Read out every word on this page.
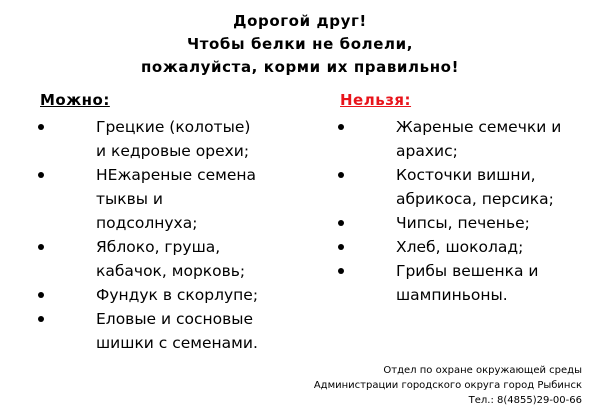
Дорогой друг!
Чтобы белки не болели,
пожалуйста, корми их правильно!
Можно:	Нельзя:
Грецкие (колотые)
и кедровые орехи;
НЕжареные семена
тыквы и
подсолнуха;
Яблоко, груша,
кабачок, морковь;
Фундук в скорлупе;
Еловые и сосновые
шишки с семенами.
Жареные семечки и
арахис;
Косточки вишни,
абрикоса, персика;
Чипсы, печенье;
Хлеб, шоколад;
Грибы вешенка и
шампиньоны.
Отдел по охране окружающей среды
Администрации городского округа город Рыбинск
Тел.: 8(4855)29-00-66
